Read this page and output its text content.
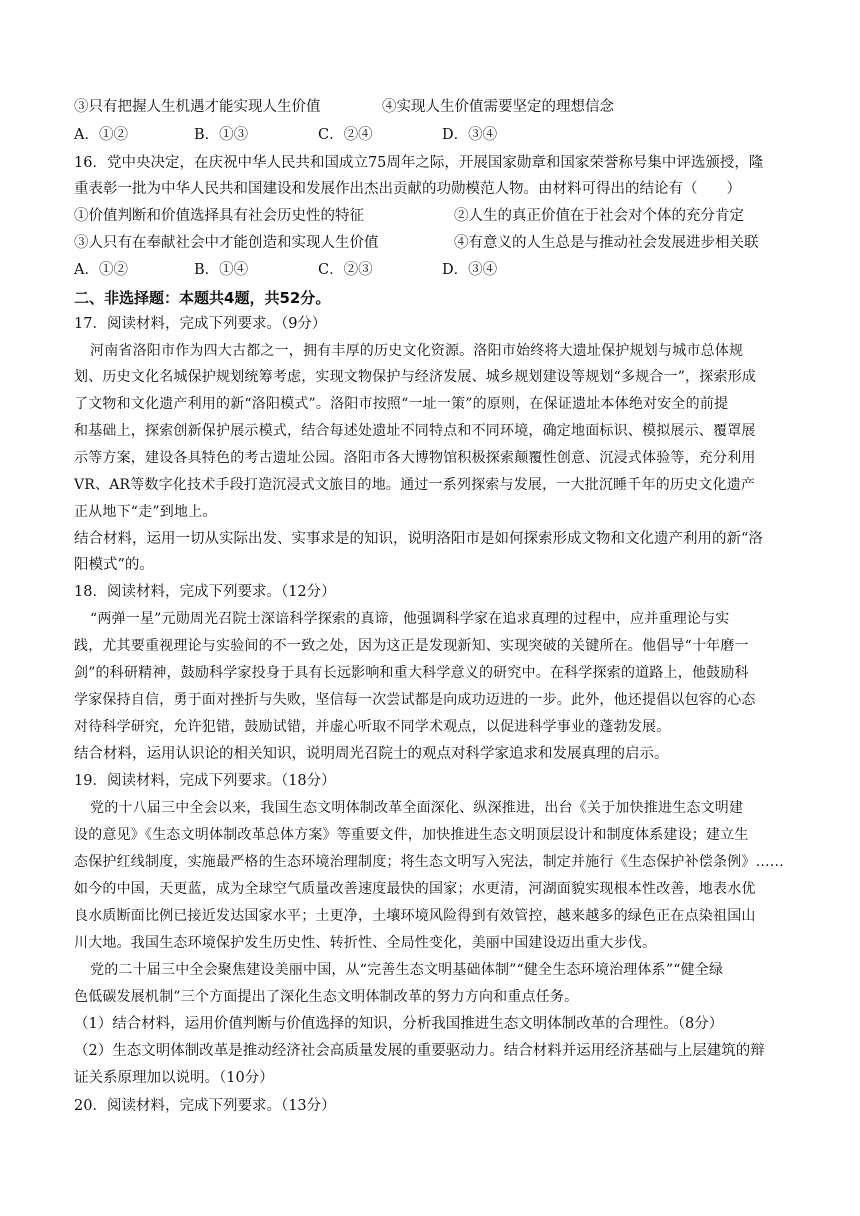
③只有把握人生机遇才能实现人生价值	④实现人生价值需要坚定的理想信念
A．①②	B．①③	C．②④	D．③④
16．党中央决定，在庆祝中华人民共和国成立75周年之际，开展国家勋章和国家荣誉称号集中评选颁授，隆
重表彰一批为中华人民共和国建设和发展作出杰出贡献的功勋模范人物。由材料可得出的结论有（　　）
①价值判断和价值选择具有社会历史性的特征	②人生的真正价值在于社会对个体的充分肯定
③人只有在奉献社会中才能创造和实现人生价值	④有意义的人生总是与推动社会发展进步相关联
A．①②	B．①④	C．②③	D．③④
二、非选择题：本题共4题，共52分。
17．阅读材料，完成下列要求。（9分）
河南省洛阳市作为四大古都之一，拥有丰厚的历史文化资源。洛阳市始终将大遗址保护规划与城市总体规
划、历史文化名城保护规划统筹考虑，实现文物保护与经济发展、城乡规划建设等规划“多规合一”，探索形成
了文物和文化遗产利用的新“洛阳模式”。洛阳市按照“一址一策”的原则，在保证遗址本体绝对安全的前提
和基础上，探索创新保护展示模式，结合每述处遗址不同特点和不同环境，确定地面标识、模拟展示、覆罩展
示等方案，建设各具特色的考古遗址公园。洛阳市各大博物馆积极探索颠覆性创意、沉浸式体验等，充分利用
VR、AR等数字化技术手段打造沉浸式文旅目的地。通过一系列探索与发展，一大批沉睡千年的历史文化遗产
正从地下“走”到地上。
结合材料，运用一切从实际出发、实事求是的知识，说明洛阳市是如何探索形成文物和文化遗产利用的新“洛
阳模式”的。
18．阅读材料，完成下列要求。（12分）
“两弹一星”元勋周光召院士深谙科学探索的真谛，他强调科学家在追求真理的过程中，应并重理论与实
践，尤其要重视理论与实验间的不一致之处，因为这正是发现新知、实现突破的关键所在。他倡导“十年磨一
剑”的科研精神，鼓励科学家投身于具有长远影响和重大科学意义的研究中。在科学探索的道路上，他鼓励科
学家保持自信，勇于面对挫折与失败，坚信每一次尝试都是向成功迈进的一步。此外，他还提倡以包容的心态
对待科学研究，允许犯错，鼓励试错，并虚心听取不同学术观点，以促进科学事业的蓬勃发展。
结合材料，运用认识论的相关知识，说明周光召院士的观点对科学家追求和发展真理的启示。
19．阅读材料，完成下列要求。（18分）
党的十八届三中全会以来，我国生态文明体制改革全面深化、纵深推进，出台《关于加快推进生态文明建
设的意见》《生态文明体制改革总体方案》等重要文件，加快推进生态文明顶层设计和制度体系建设；建立生
态保护红线制度，实施最严格的生态环境治理制度；将生态文明写入宪法，制定并施行《生态保护补偿条例》……
如今的中国，天更蓝，成为全球空气质量改善速度最快的国家；水更清，河湖面貌实现根本性改善，地表水优
良水质断面比例已接近发达国家水平；土更净，土壤环境风险得到有效管控，越来越多的绿色正在点染祖国山
川大地。我国生态环境保护发生历史性、转折性、全局性变化，美丽中国建设迈出重大步伐。
党的二十届三中全会聚焦建设美丽中国，从“完善生态文明基础体制”“健全生态环境治理体系”“健全绿
色低碳发展机制”三个方面提出了深化生态文明体制改革的努力方向和重点任务。
（1）结合材料，运用价值判断与价值选择的知识，分析我国推进生态文明体制改革的合理性。（8分）
（2）生态文明体制改革是推动经济社会高质量发展的重要驱动力。结合材料并运用经济基础与上层建筑的辩
证关系原理加以说明。（10分）
20．阅读材料，完成下列要求。（13分）
